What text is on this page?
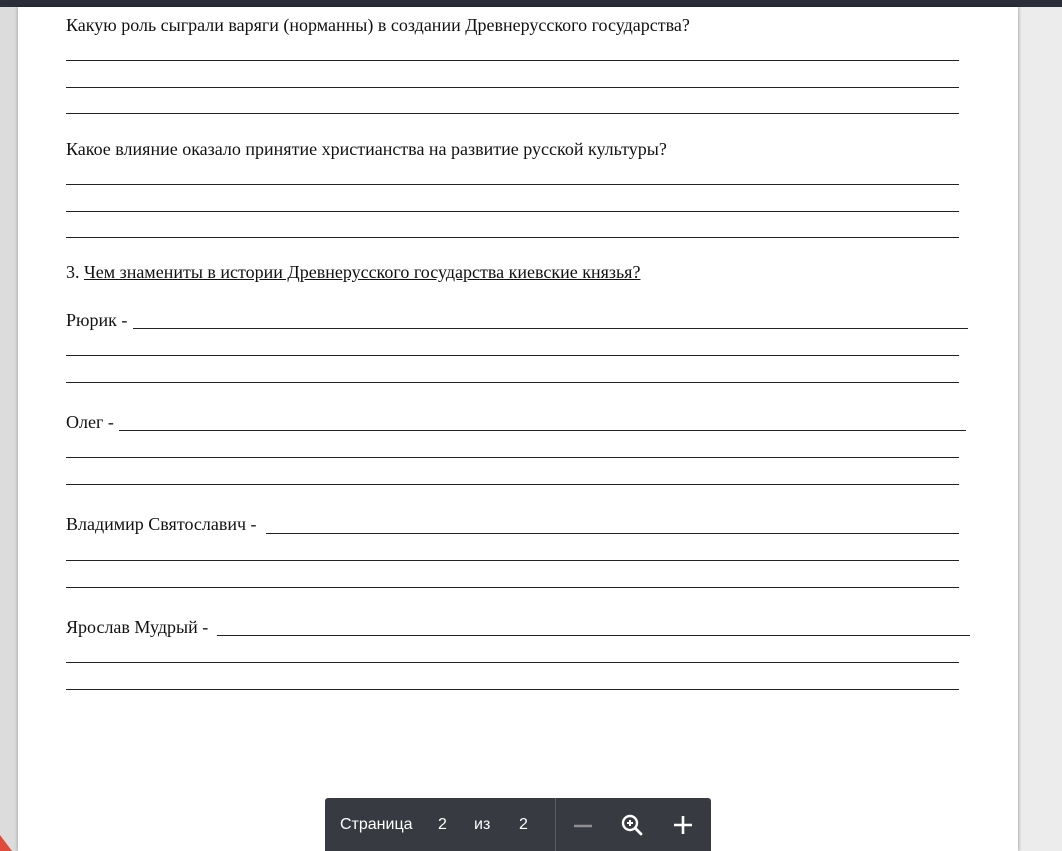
Какую роль сыграли варяги (норманны) в создании Древнерусского государства?
Какое влияние оказало принятие христианства на развитие русской культуры?
3. Чем знамениты в истории Древнерусского государства киевские князья?
Рюрик -
Олег -
Владимир Святославич -
Ярослав Мудрый -
Страница 2 из 2
